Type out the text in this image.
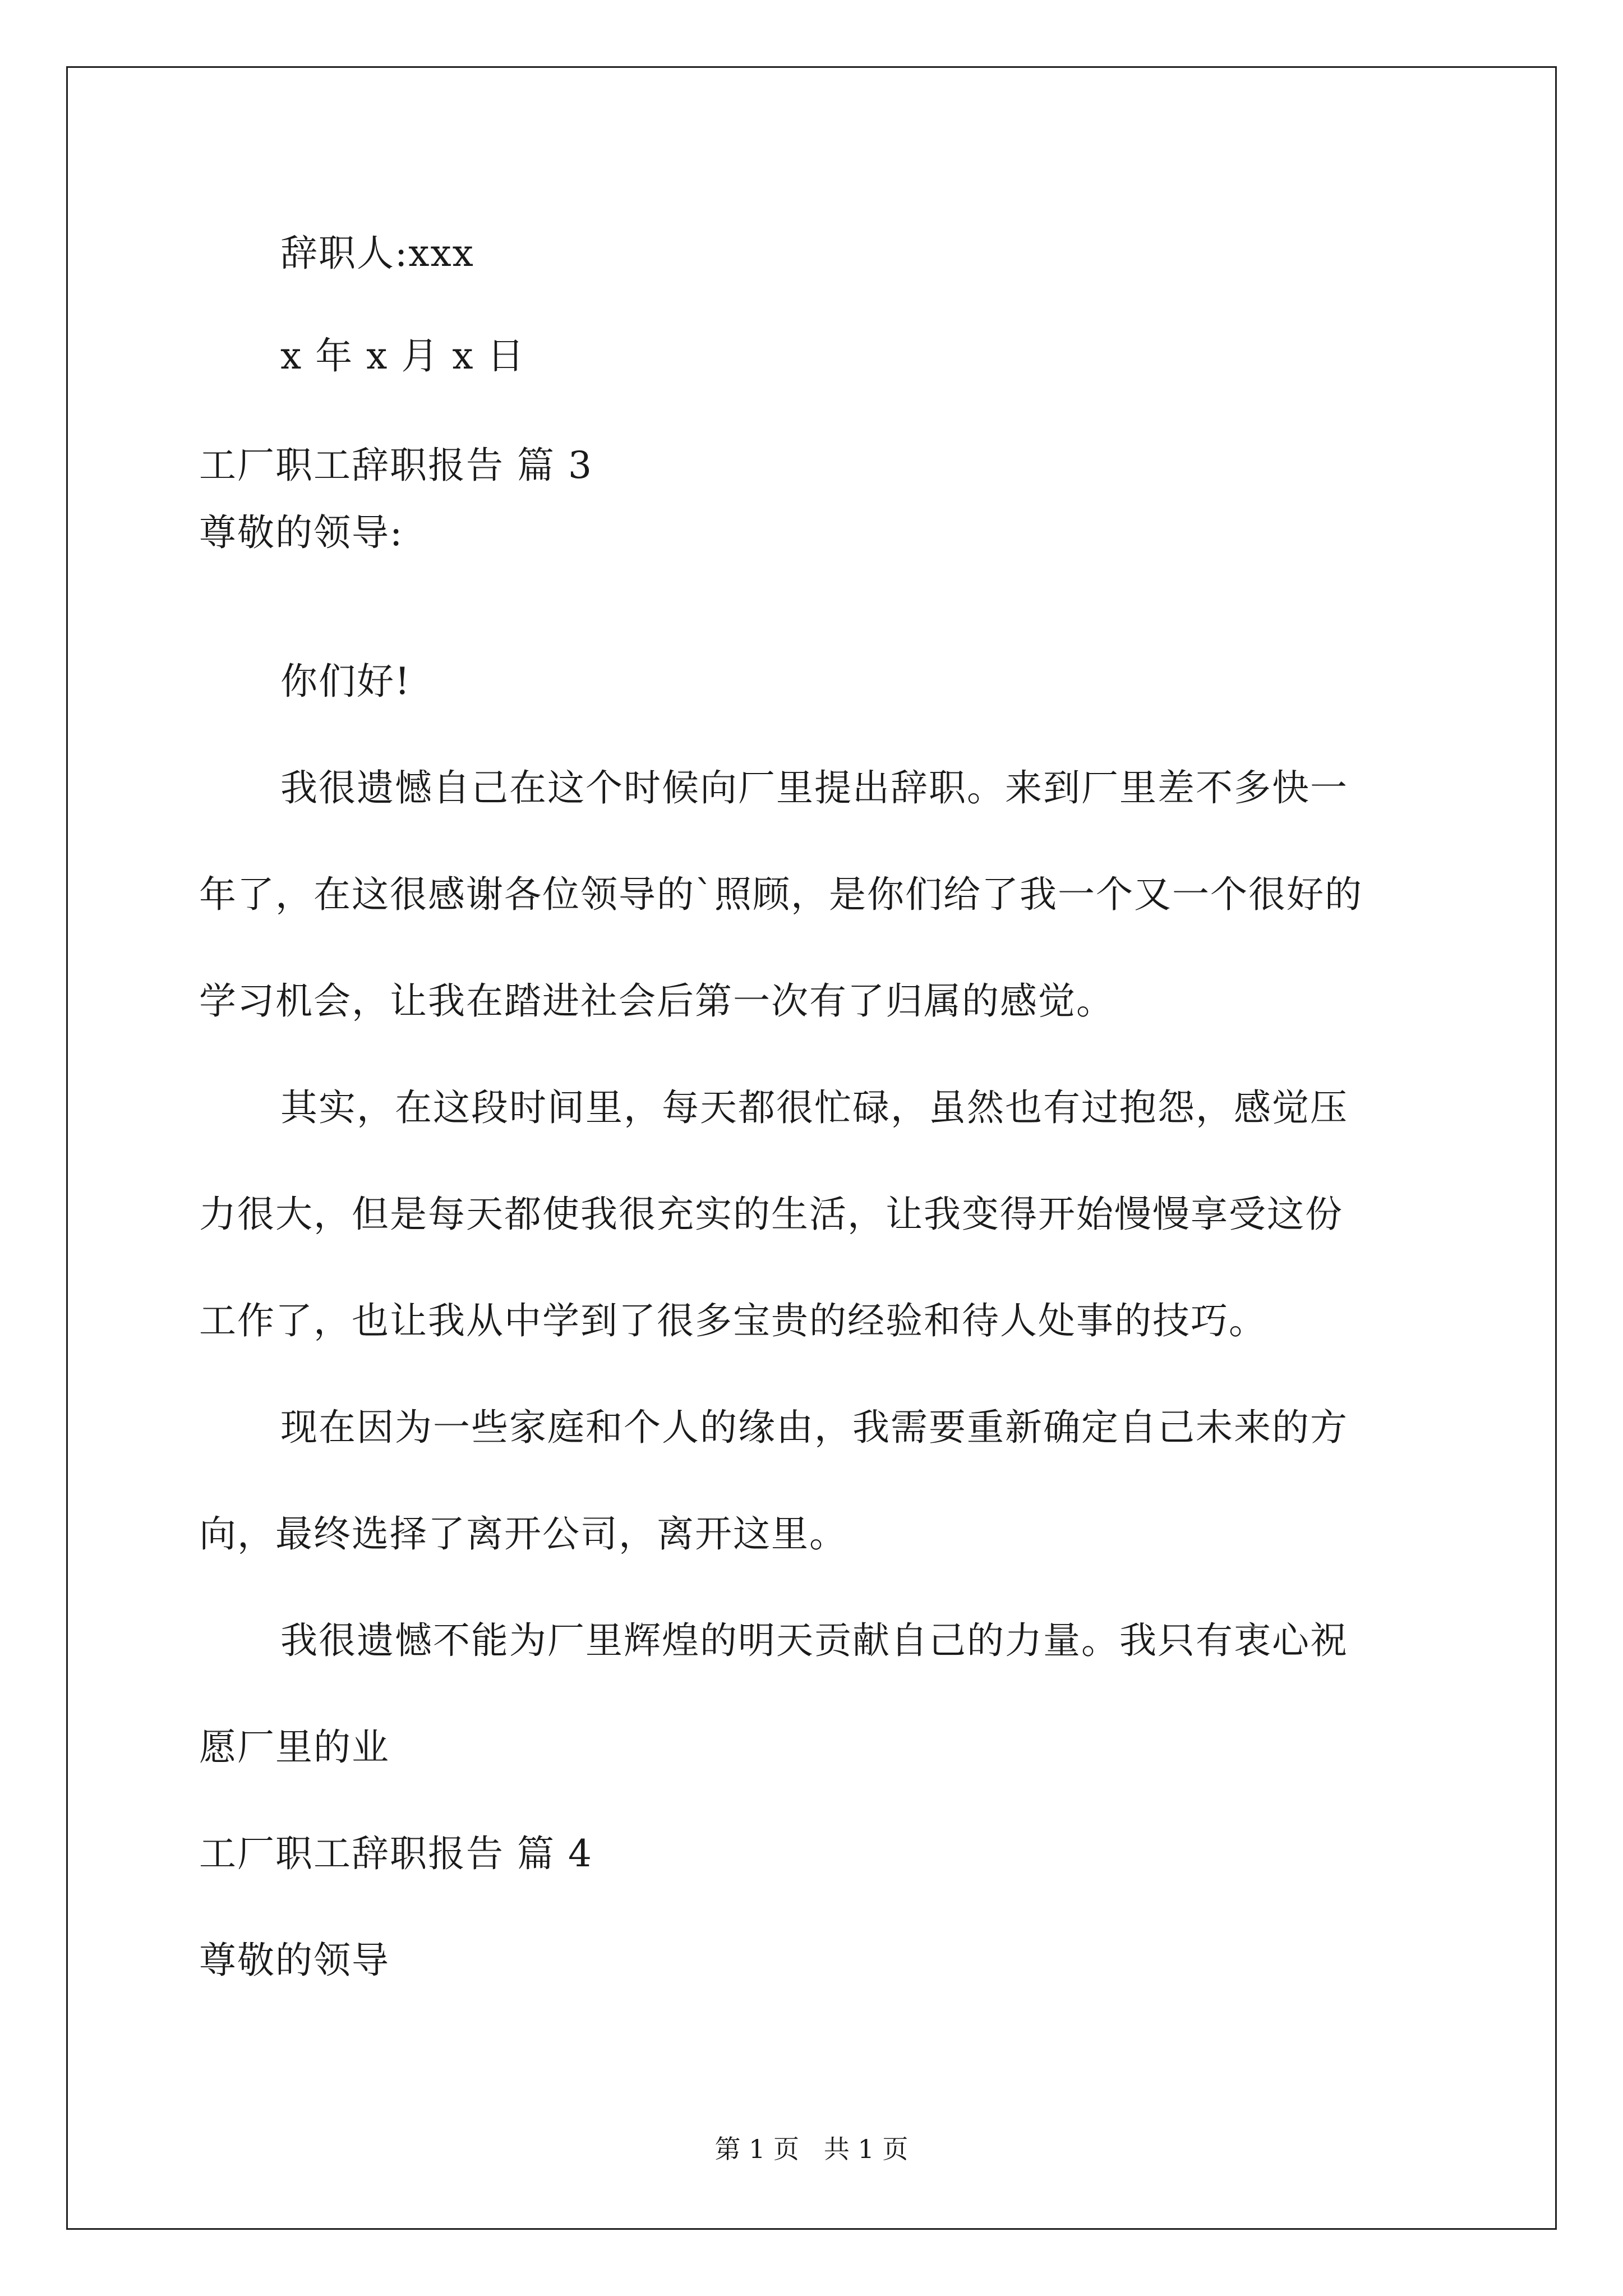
辞职人:xxx
x 年 x 月 x 日
工厂职工辞职报告 篇 3
尊敬的领导:
你们好!
我很遗憾自己在这个时候向厂里提出辞职。来到厂里差不多快一
年了，在这很感谢各位领导的`照顾，是你们给了我一个又一个很好的
学习机会，让我在踏进社会后第一次有了归属的感觉。
其实，在这段时间里，每天都很忙碌，虽然也有过抱怨，感觉压
力很大，但是每天都使我很充实的生活，让我变得开始慢慢享受这份
工作了，也让我从中学到了很多宝贵的经验和待人处事的技巧。
现在因为一些家庭和个人的缘由，我需要重新确定自己未来的方
向，最终选择了离开公司，离开这里。
我很遗憾不能为厂里辉煌的明天贡献自己的力量。我只有衷心祝
愿厂里的业
工厂职工辞职报告 篇 4
尊敬的领导
第 1 页   共 1 页
